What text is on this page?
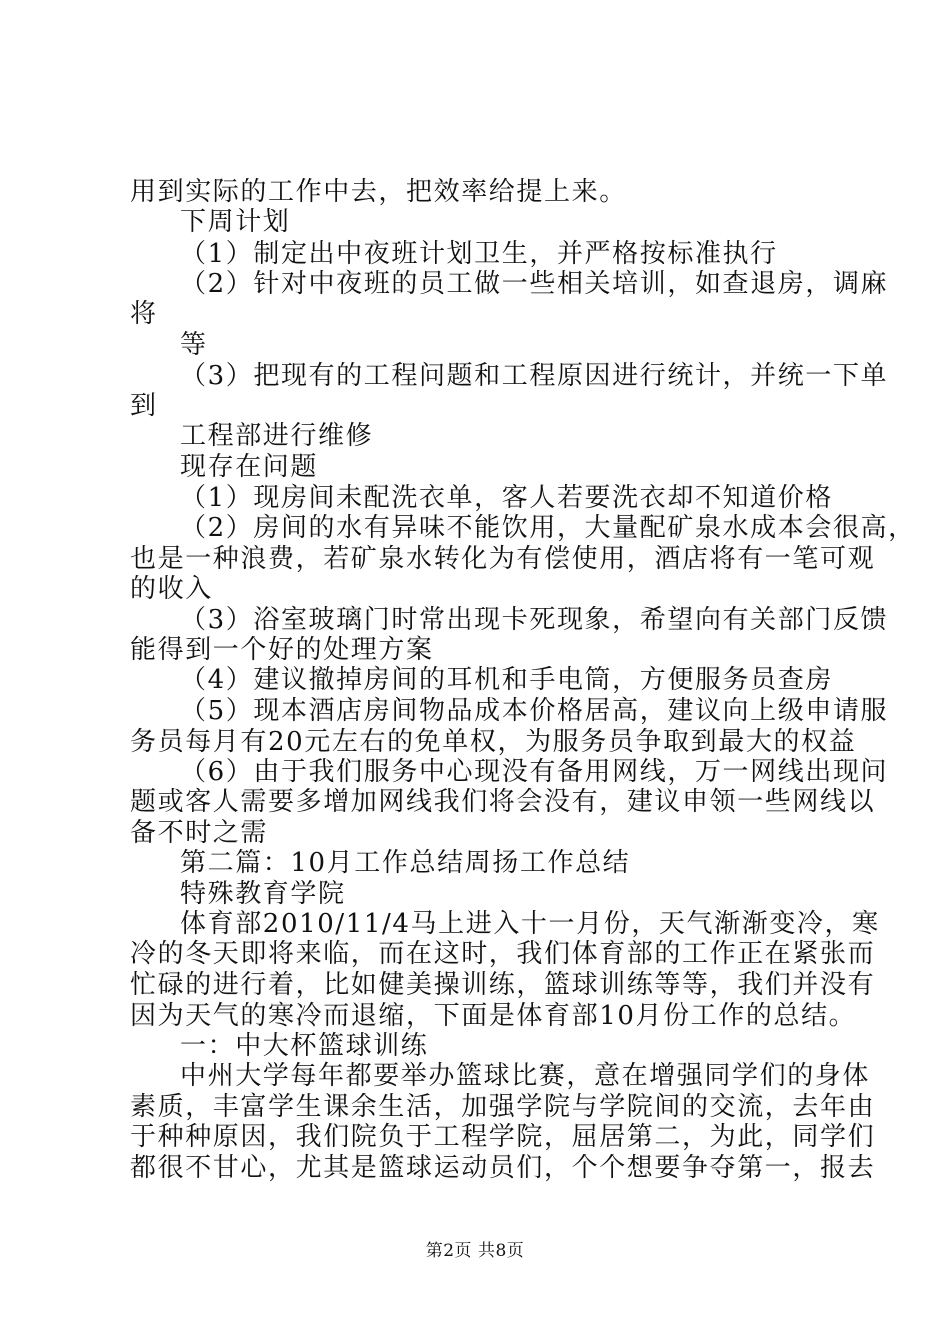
用到实际的工作中去，把效率给提上来。
下周计划
（1）制定出中夜班计划卫生，并严格按标准执行
（2）针对中夜班的员工做一些相关培训，如查退房，调麻
将
等
（3）把现有的工程问题和工程原因进行统计，并统一下单
到
工程部进行维修
现存在问题
（1）现房间未配洗衣单，客人若要洗衣却不知道价格
（2）房间的水有异味不能饮用，大量配矿泉水成本会很高，
也是一种浪费，若矿泉水转化为有偿使用，酒店将有一笔可观
的收入
（3）浴室玻璃门时常出现卡死现象，希望向有关部门反馈
能得到一个好的处理方案
（4）建议撤掉房间的耳机和手电筒，方便服务员查房
（5）现本酒店房间物品成本价格居高，建议向上级申请服
务员每月有20元左右的免单权，为服务员争取到最大的权益
（6）由于我们服务中心现没有备用网线，万一网线出现问
题或客人需要多增加网线我们将会没有，建议申领一些网线以
备不时之需
第二篇：10月工作总结周扬工作总结
特殊教育学院
体育部2010/11/4马上进入十一月份，天气渐渐变冷，寒
冷的冬天即将来临，而在这时，我们体育部的工作正在紧张而
忙碌的进行着，比如健美操训练，篮球训练等等，我们并没有
因为天气的寒冷而退缩，下面是体育部10月份工作的总结。
一：中大杯篮球训练
中州大学每年都要举办篮球比赛，意在增强同学们的身体
素质，丰富学生课余生活，加强学院与学院间的交流，去年由
于种种原因，我们院负于工程学院，屈居第二，为此，同学们
都很不甘心，尤其是篮球运动员们，个个想要争夺第一，报去
第2页 共8页
